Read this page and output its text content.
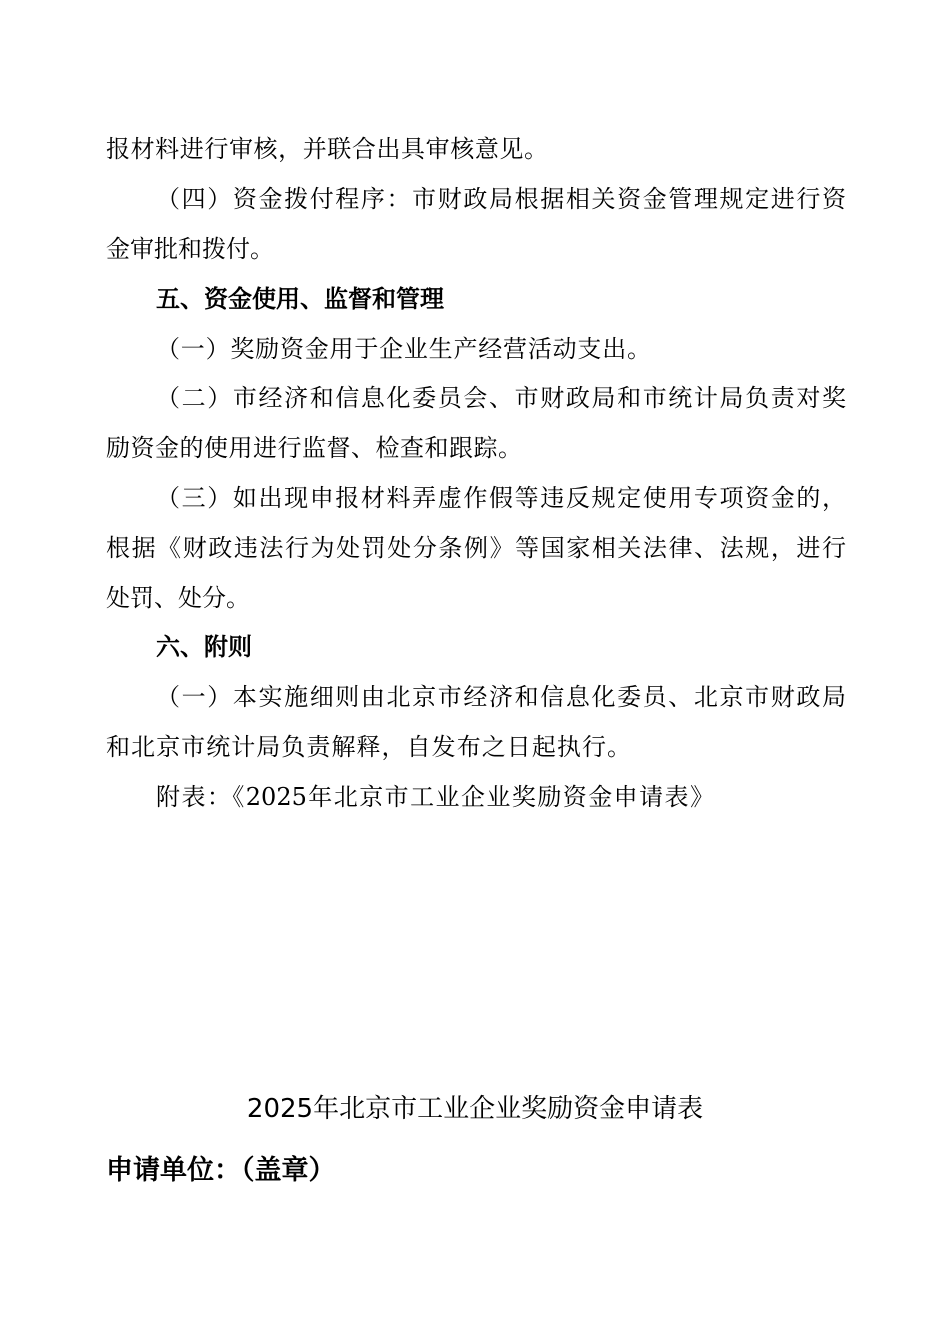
报材料进行审核，并联合出具审核意见。
（四）资金拨付程序：市财政局根据相关资金管理规定进行资
金审批和拨付。
五、资金使用、监督和管理
（一）奖励资金用于企业生产经营活动支出。
（二）市经济和信息化委员会、市财政局和市统计局负责对奖
励资金的使用进行监督、检查和跟踪。
（三）如出现申报材料弄虚作假等违反规定使用专项资金的，
根据《财政违法行为处罚处分条例》等国家相关法律、法规，进行
处罚、处分。
六、附则
（一）本实施细则由北京市经济和信息化委员、北京市财政局
和北京市统计局负责解释，自发布之日起执行。
附表：《2025年北京市工业企业奖励资金申请表》
2025年北京市工业企业奖励资金申请表
申请单位：（盖章）
